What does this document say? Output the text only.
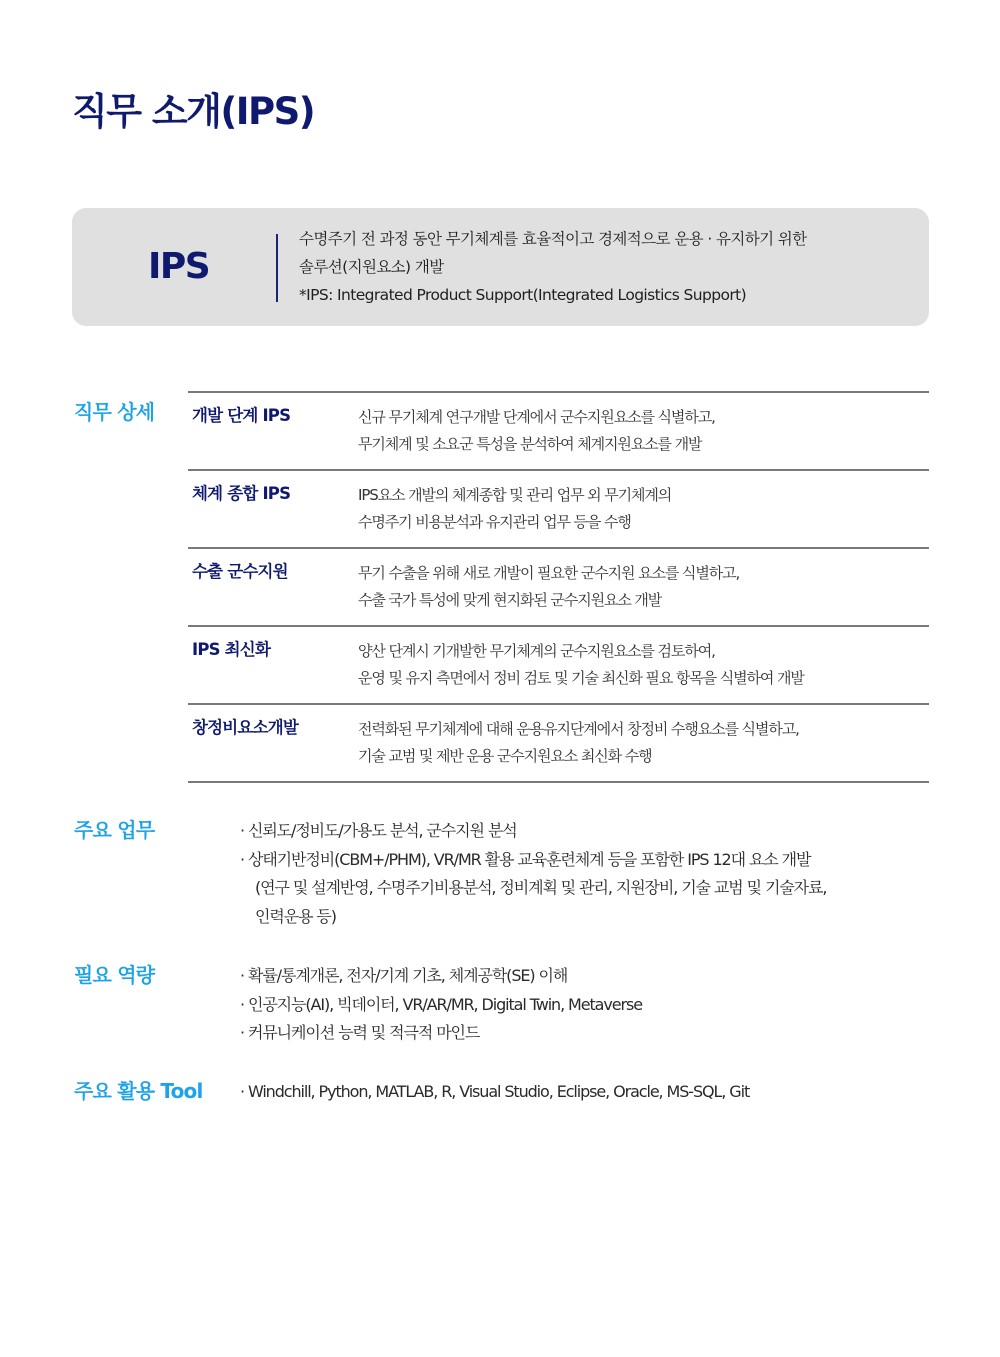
직무 소개(IPS)
IPS
수명주기 전 과정 동안 무기체계를 효율적이고 경제적으로 운용 · 유지하기 위한
솔루션(지원요소) 개발
*IPS: Integrated Product Support(Integrated Logistics Support)
직무 상세 개발 단계 IPS	신규 무기체계 연구개발 단계에서 군수지원요소를 식별하고,
무기체계 및 소요군 특성을 분석하여 체계지원요소를 개발
체계 종합 IPS	IPS요소 개발의 체계종합 및 관리 업무 외 무기체계의
수명주기 비용분석과 유지관리 업무 등을 수행
수출 군수지원	무기 수출을 위해 새로 개발이 필요한 군수지원 요소를 식별하고,
수출 국가 특성에 맞게 현지화된 군수지원요소 개발
IPS 최신화	양산 단계시 기개발한 무기체계의 군수지원요소를 검토하여,
운영 및 유지 측면에서 정비 검토 및 기술 최신화 필요 항목을 식별하여 개발
창정비요소개발	전력화된 무기체계에 대해 운용유지단계에서 창정비 수행요소를 식별하고,
기술 교범 및 제반 운용 군수지원요소 최신화 수행
주요 업무	· 신뢰도/정비도/가용도 분석, 군수지원 분석
· 상태기반정비(CBM+/PHM), VR/MR 활용 교육훈련체계 등을 포함한 IPS 12대 요소 개발
(연구 및 설계반영, 수명주기비용분석, 정비계획 및 관리, 지원장비, 기술 교범 및 기술자료,
인력운용 등)
필요 역량	· 확률/통계개론, 전자/기계 기초, 체계공학(SE) 이해
· 인공지능(AI), 빅데이터, VR/AR/MR, Digital Twin, Metaverse
· 커뮤니케이션 능력 및 적극적 마인드
주요 활용 Tool · Windchill, Python, MATLAB, R, Visual Studio, Eclipse, Oracle, MS-SQL, Git
